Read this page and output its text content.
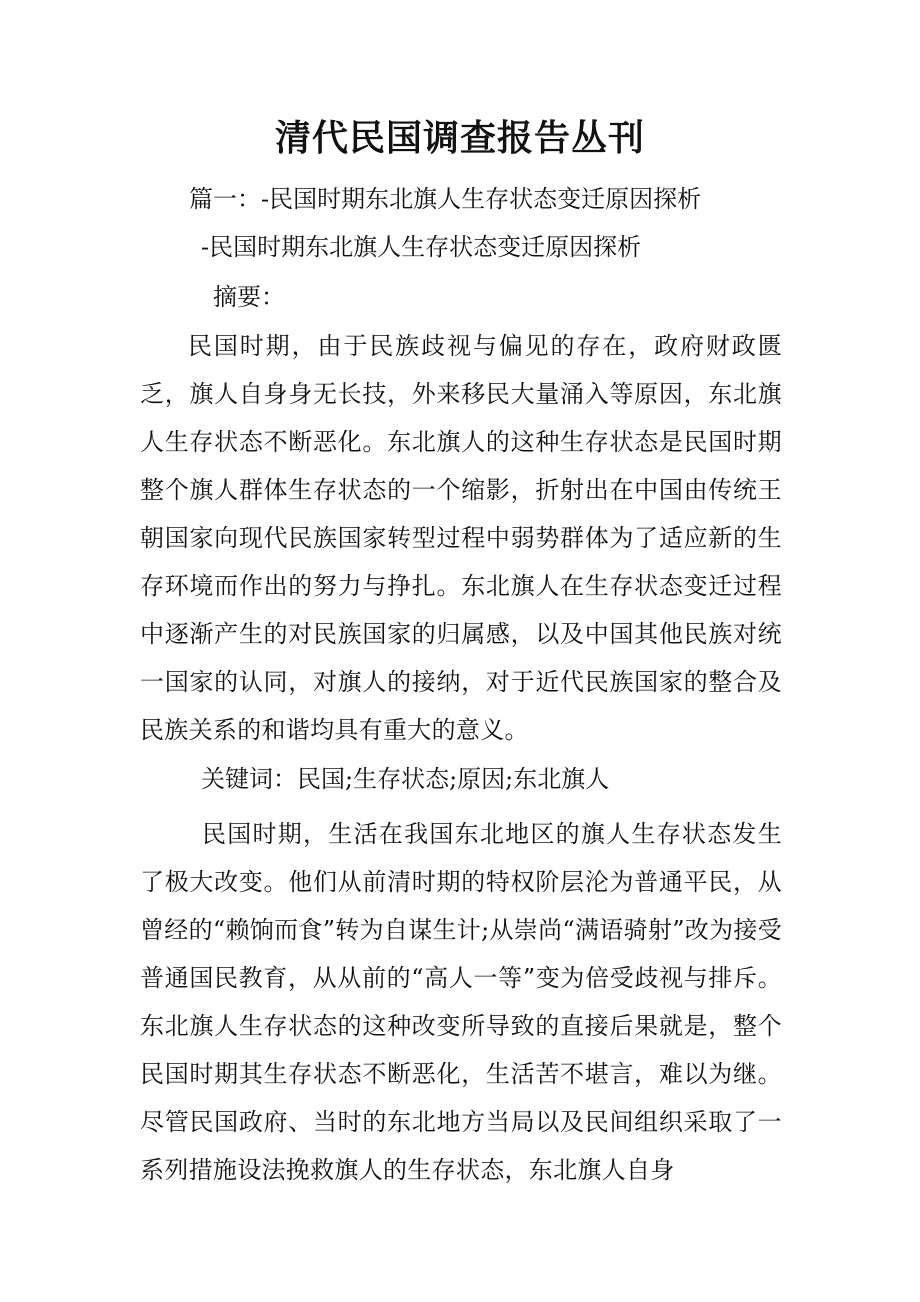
清代民国调查报告丛刊
篇一：-民国时期东北旗人生存状态变迁原因探析
-民国时期东北旗人生存状态变迁原因探析
摘要：
民国时期，由于民族歧视与偏见的存在，政府财政匮乏，旗人自身身无长技，外来移民大量涌入等原因，东北旗人生存状态不断恶化。东北旗人的这种生存状态是民国时期整个旗人群体生存状态的一个缩影，折射出在中国由传统王朝国家向现代民族国家转型过程中弱势群体为了适应新的生存环境而作出的努力与挣扎。东北旗人在生存状态变迁过程中逐渐产生的对民族国家的归属感，以及中国其他民族对统一国家的认同，对旗人的接纳，对于近代民族国家的整合及民族关系的和谐均具有重大的意义。
关键词：民国;生存状态;原因;东北旗人
民国时期，生活在我国东北地区的旗人生存状态发生了极大改变。他们从前清时期的特权阶层沦为普通平民，从曾经的“赖饷而食”转为自谋生计;从崇尚“满语骑射”改为接受普通国民教育，从从前的“高人一等”变为倍受歧视与排斥。东北旗人生存状态的这种改变所导致的直接后果就是，整个民国时期其生存状态不断恶化，生活苦不堪言，难以为继。尽管民国政府、当时的东北地方当局以及民间组织采取了一系列措施设法挽救旗人的生存状态，东北旗人自身
